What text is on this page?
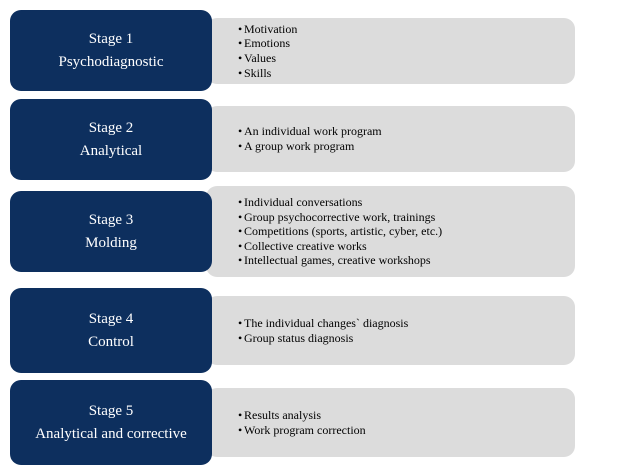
• Motivation
• Emotions
• Values
• Skills
Stage 1
Psychodiagnostic
• An individual work program
• A group work program
Stage 2
Analytical
• Individual conversations
• Group psychocorrective work, trainings
• Competitions (sports, artistic, cyber, etc.)
• Collective creative works
• Intellectual games, creative workshops
Stage 3
Molding
• The individual changes` diagnosis
• Group status diagnosis
Stage 4
Control
• Results analysis
• Work program correction
Stage 5
Analytical and corrective
